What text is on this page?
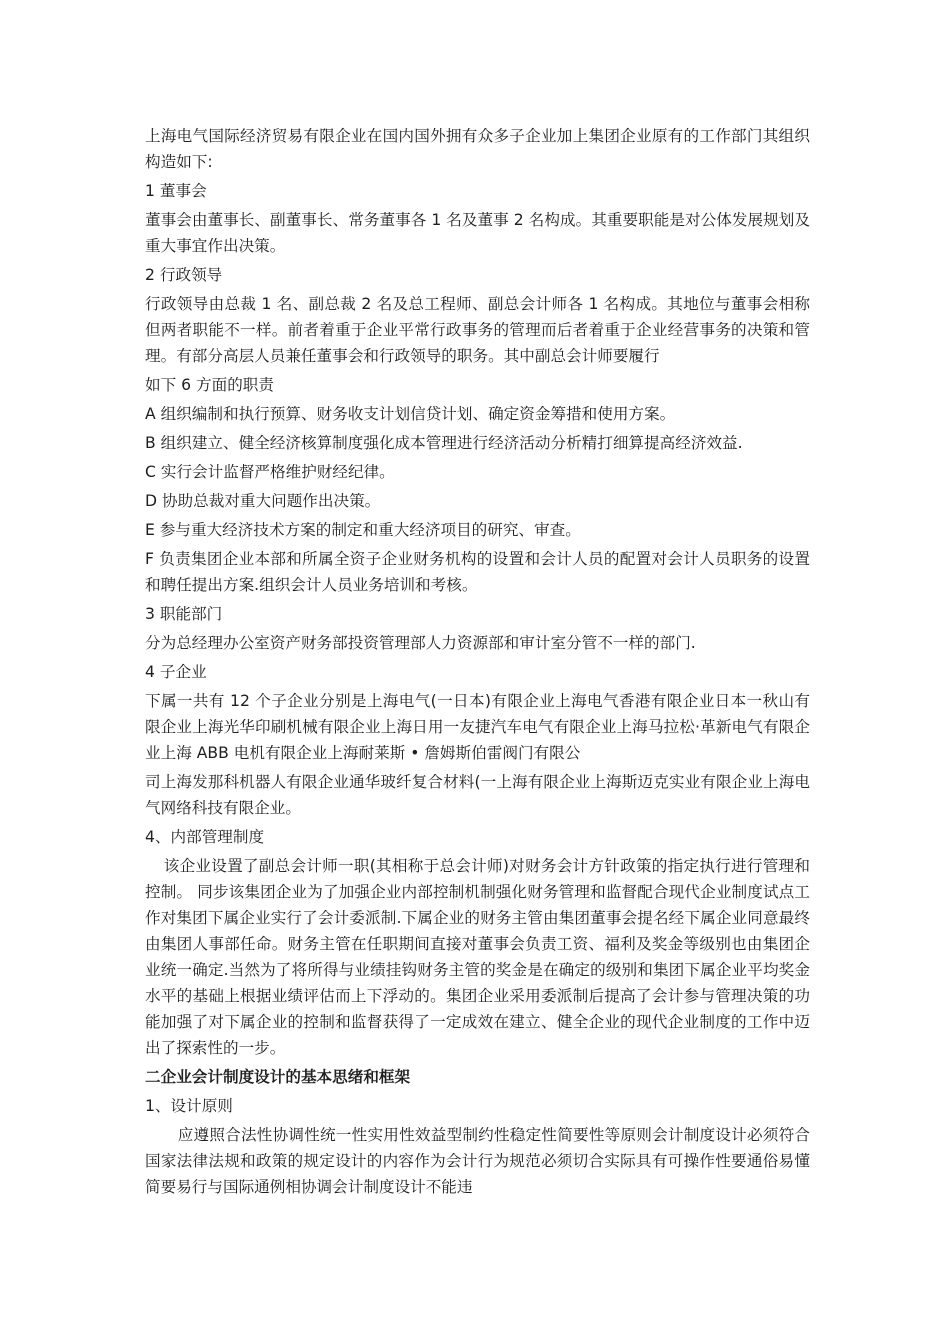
上海电气国际经济贸易有限企业在国内国外拥有众多子企业加上集团企业原有的工作部门其组织构造如下:

1 董事会

董事会由董事长、副董事长、常务董事各 1 名及董事 2 名构成。其重要职能是对公体发展规划及重大事宜作出决策。

2 行政领导

行政领导由总裁 1 名、副总裁 2 名及总工程师、副总会计师各 1 名构成。其地位与董事会相称但两者职能不一样。前者着重于企业平常行政事务的管理而后者着重于企业经营事务的决策和管理。有部分高层人员兼任董事会和行政领导的职务。其中副总会计师要履行

如下 6 方面的职责

A 组织编制和执行预算、财务收支计划信贷计划、确定资金筹措和使用方案。

B 组织建立、健全经济核算制度强化成本管理进行经济活动分析精打细算提高经济效益.

C 实行会计监督严格维护财经纪律。

D 协助总裁对重大问题作出决策。

E 参与重大经济技术方案的制定和重大经济项目的研究、审查。

F 负责集团企业本部和所属全资子企业财务机构的设置和会计人员的配置对会计人员职务的设置和聘任提出方案.组织会计人员业务培训和考核。

3 职能部门

分为总经理办公室资产财务部投资管理部人力资源部和审计室分管不一样的部门.

4 子企业

下属一共有 12 个子企业分别是上海电气(一日本)有限企业上海电气香港有限企业日本一秋山有限企业上海光华印刷机械有限企业上海日用一友捷汽车电气有限企业上海马拉松·革新电气有限企业上海 ABB 电机有限企业上海耐莱斯 • 詹姆斯伯雷阀门有限公

司上海发那科机器人有限企业通华玻纤复合材料(一上海有限企业上海斯迈克实业有限企业上海电气网络科技有限企业。

4、内部管理制度

该企业设置了副总会计师一职(其相称于总会计师)对财务会计方针政策的指定执行进行管理和控制。 同步该集团企业为了加强企业内部控制机制强化财务管理和监督配合现代企业制度试点工作对集团下属企业实行了会计委派制.下属企业的财务主管由集团董事会提名经下属企业同意最终由集团人事部任命。财务主管在任职期间直接对董事会负责工资、福利及奖金等级别也由集团企业统一确定.当然为了将所得与业绩挂钩财务主管的奖金是在确定的级别和集团下属企业平均奖金水平的基础上根据业绩评估而上下浮动的。集团企业采用委派制后提高了会计参与管理决策的功能加强了对下属企业的控制和监督获得了一定成效在建立、健全企业的现代企业制度的工作中迈出了探索性的一步。

二企业会计制度设计的基本思绪和框架

1、设计原则

应遵照合法性协调性统一性实用性效益型制约性稳定性简要性等原则会计制度设计必须符合国家法律法规和政策的规定设计的内容作为会计行为规范必须切合实际具有可操作性要通俗易懂简要易行与国际通例相协调会计制度设计不能违
